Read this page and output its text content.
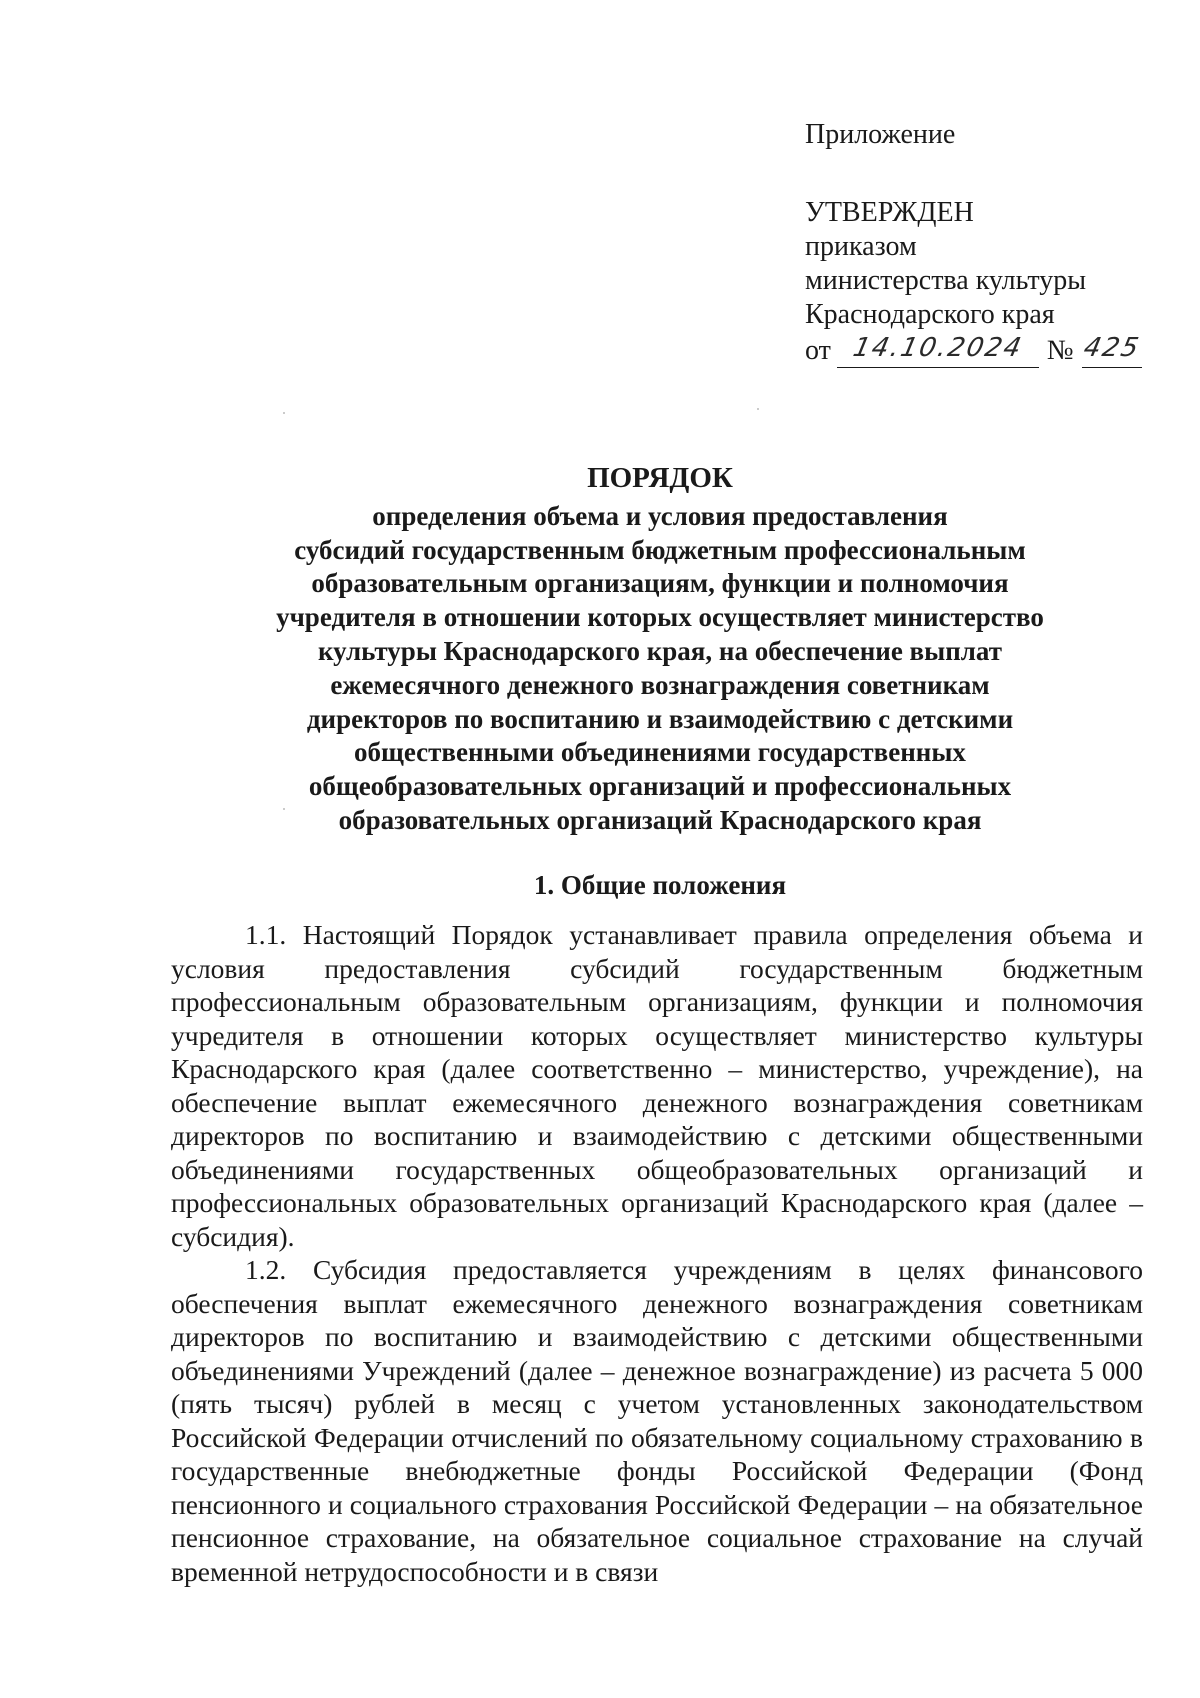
Приложение
УТВЕРЖДЕН
приказом
министерства культуры
Краснодарского края
от 14.10.2024 № 425
ПОРЯДОК
определения объема и условия предоставления
субсидий государственным бюджетным профессиональным
образовательным организациям, функции и полномочия
учредителя в отношении которых осуществляет министерство
культуры Краснодарского края, на обеспечение выплат
ежемесячного денежного вознаграждения советникам
директоров по воспитанию и взаимодействию с детскими
общественными объединениями государственных
общеобразовательных организаций и профессиональных
образовательных организаций Краснодарского края
1. Общие положения

1.1. Настоящий Порядок устанавливает правила определения объема и условия предоставления субсидий государственным бюджетным профессиональным образовательным организациям, функции и полномочия учредителя в отношении которых осуществляет министерство культуры Краснодарского края (далее соответственно – министерство, учреждение), на обеспечение выплат ежемесячного денежного вознаграждения советникам директоров по воспитанию и взаимодействию с детскими общественными объединениями государственных общеобразовательных организаций и профессиональных образовательных организаций Краснодарского края (далее – субсидия).

1.2. Субсидия предоставляется учреждениям в целях финансового обеспечения выплат ежемесячного денежного вознаграждения советникам директоров по воспитанию и взаимодействию с детскими общественными объединениями Учреждений (далее – денежное вознаграждение) из расчета 5 000 (пять тысяч) рублей в месяц с учетом установленных законодательством Российской Федерации отчислений по обязательному социальному страхованию в государственные внебюджетные фонды Российской Федерации (Фонд пенсионного и социального страхования Российской Федерации – на обязательное пенсионное страхование, на обязательное социальное страхование на случай временной нетрудоспособности и в связи
